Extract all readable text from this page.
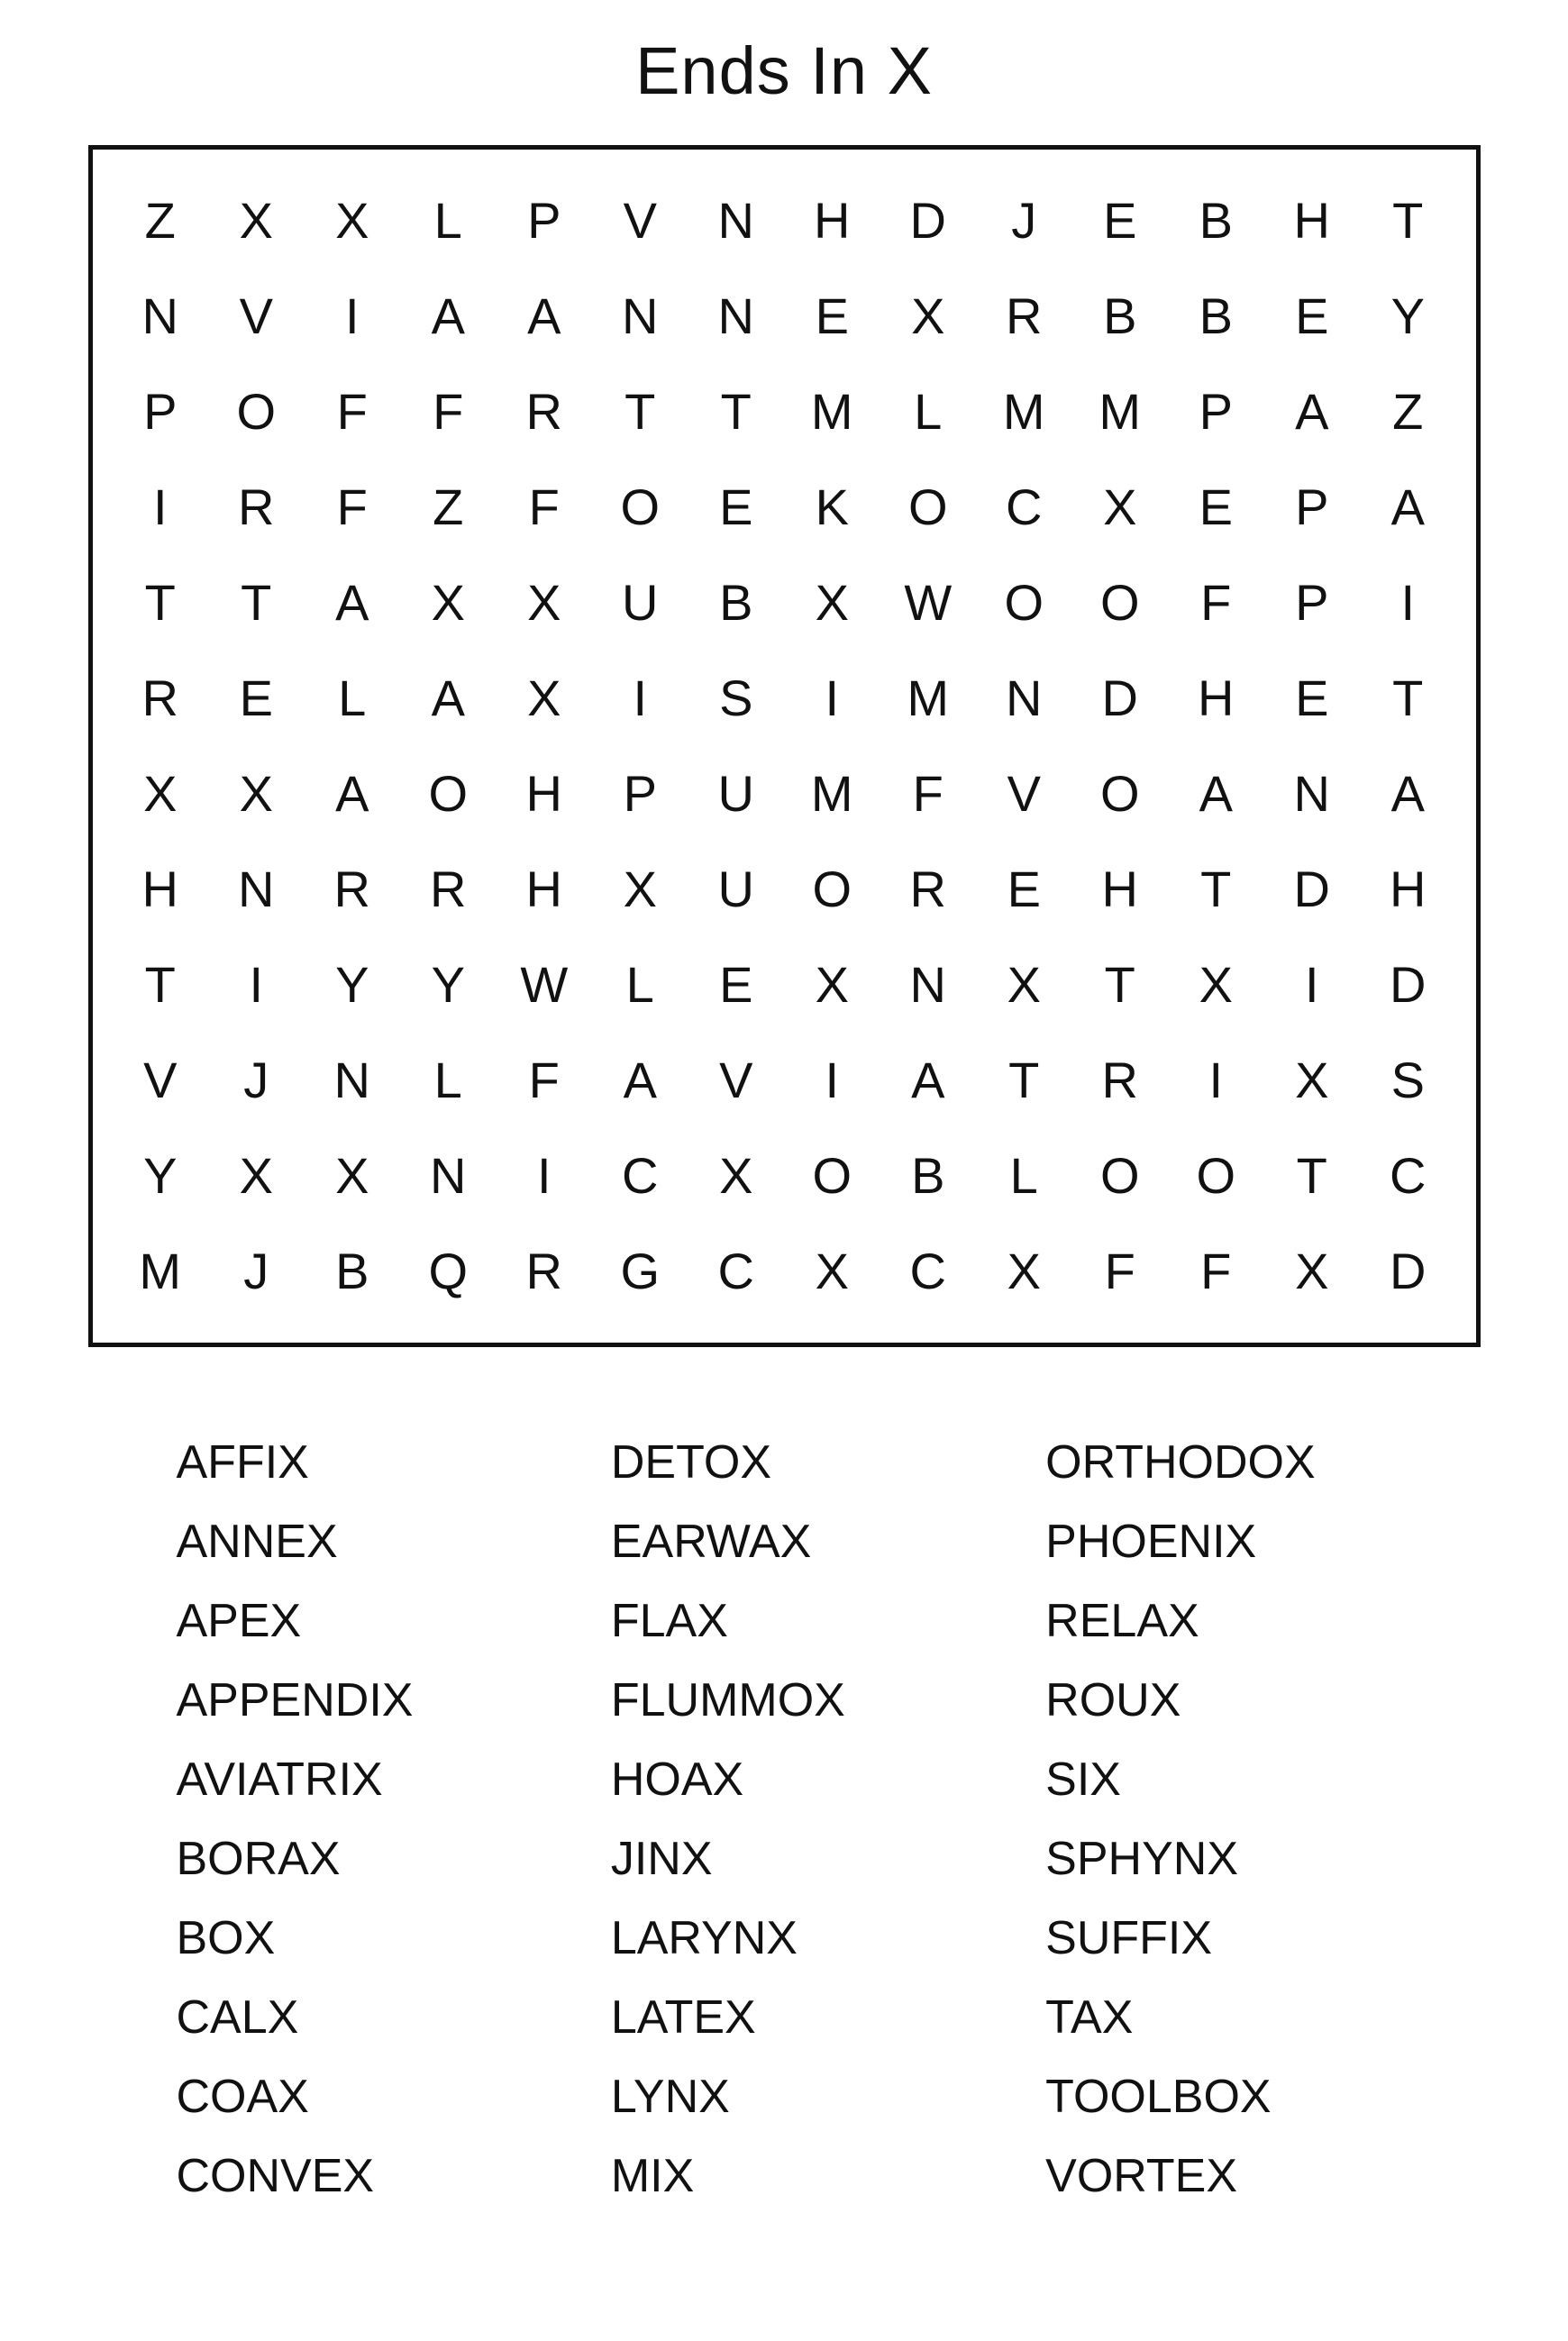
Ends In X
Z	X	X	L	P	V	N	H	D	J	E	B	H	T
N	V	I	A	A	N	N	E	X	R	B	B	E	Y
P	O	F	F	R	T	T	M	L	M	M	P	A	Z
I	R	F	Z	F	O	E	K	O	C	X	E	P	A
T	T	A	X	X	U	B	X	W	O	O	F	P	I
R	E	L	A	X	I	S	I	M	N	D	H	E	T
X	X	A	O	H	P	U	M	F	V	O	A	N	A
H	N	R	R	H	X	U	O	R	E	H	T	D	H
T	I	Y	Y	W	L	E	X	N	X	T	X	I	D
V	J	N	L	F	A	V	I	A	T	R	I	X	S
Y	X	X	N	I	C	X	O	B	L	O	O	T	C
M	J	B	Q	R	G	C	X	C	X	F	F	X	D
AFFIX
ANNEX
APEX
APPENDIX
AVIATRIX
BORAX
BOX
CALX
COAX
CONVEX
DETOX
EARWAX
FLAX
FLUMMOX
HOAX
JINX
LARYNX
LATEX
LYNX
MIX
ORTHODOX
PHOENIX
RELAX
ROUX
SIX
SPHYNX
SUFFIX
TAX
TOOLBOX
VORTEX
